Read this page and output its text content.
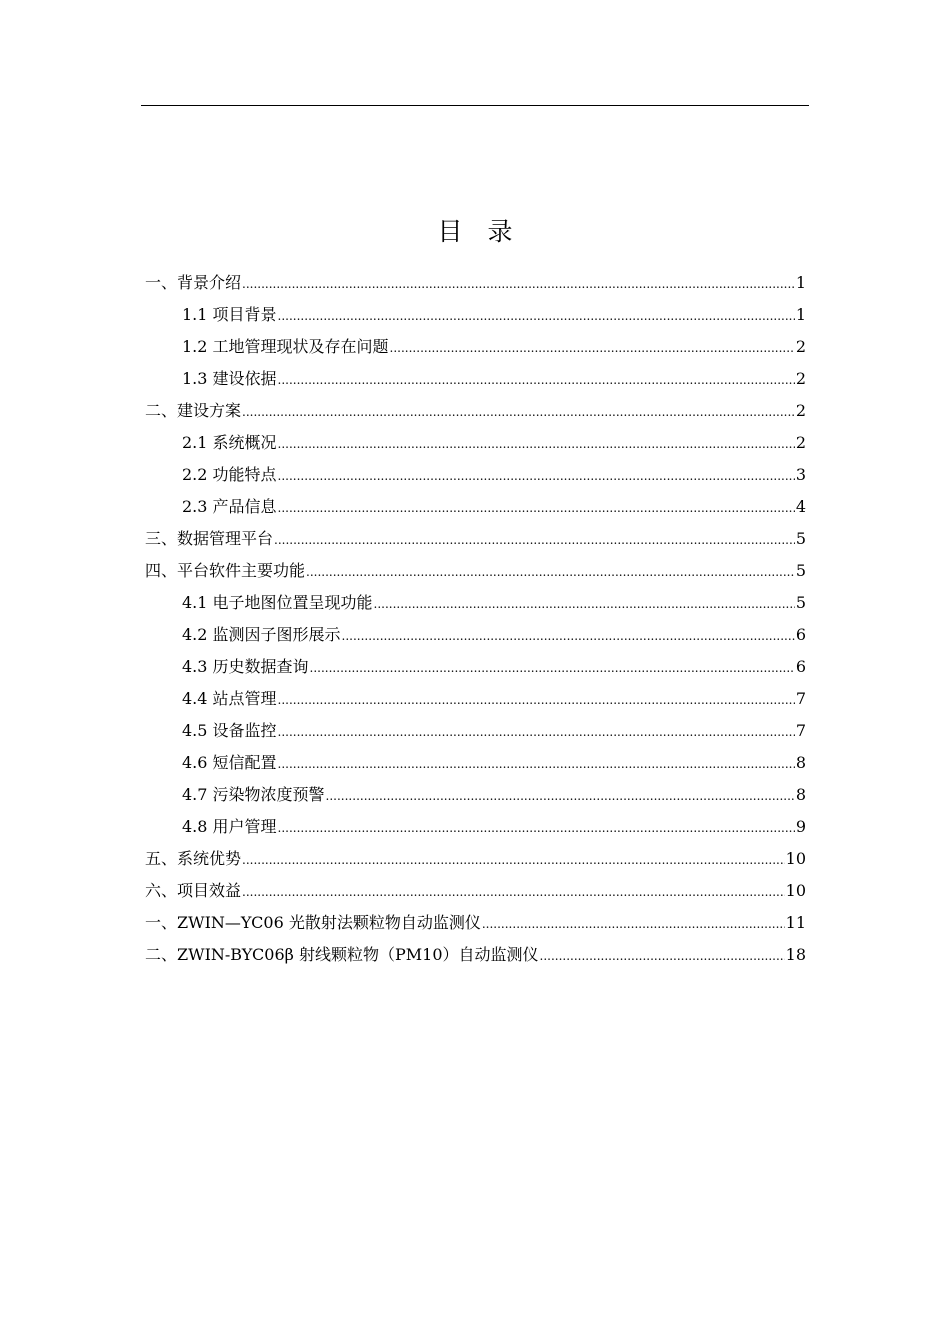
目　录
一、背景介绍 .....	1
1.1 项目背景 .....	1
1.2 工地管理现状及存在问题 .....	2
1.3 建设依据 .....	2
二、建设方案 .....	2
2.1 系统概况 .....	2
2.2 功能特点 .....	3
2.3 产品信息 .....	4
三、数据管理平台 .....	5
四、平台软件主要功能 .....	5
4.1 电子地图位置呈现功能 .....	5
4.2 监测因子图形展示 .....	6
4.3 历史数据查询 .....	6
4.4 站点管理 .....	7
4.5 设备监控 .....	7
4.6 短信配置 .....	8
4.7 污染物浓度预警 .....	8
4.8 用户管理 .....	9
五、系统优势 .....	10
六、项目效益 .....	10
一、ZWIN—YC06 光散射法颗粒物自动监测仪 .....	11
二、ZWIN-BYC06β 射线颗粒物（PM10）自动监测仪 .....	18
